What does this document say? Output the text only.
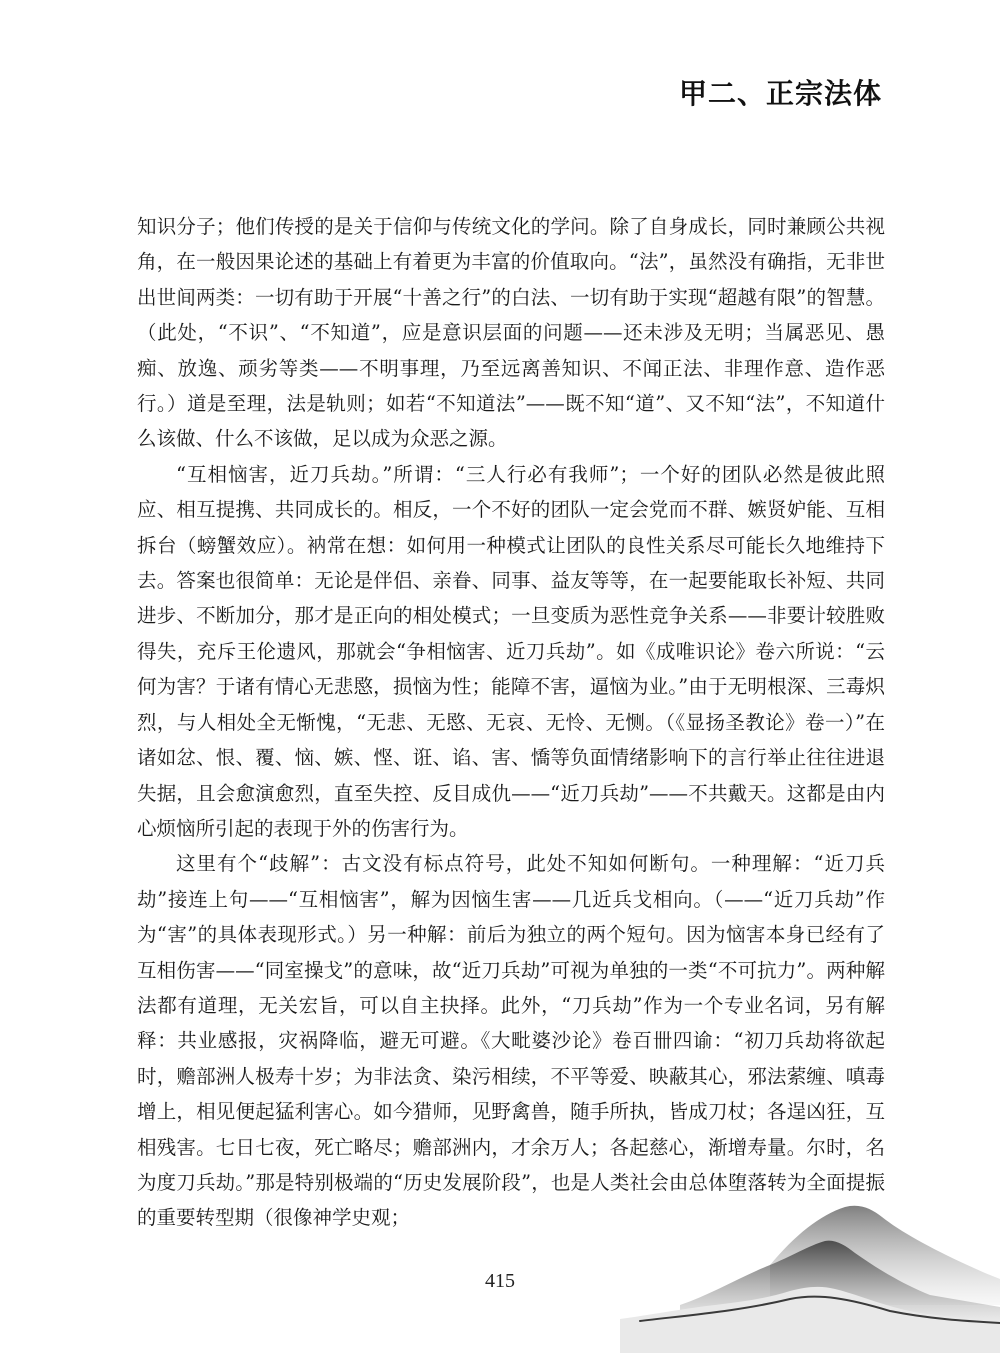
甲二、正宗法体

知识分子；他们传授的是关于信仰与传统文化的学问。除了自身成长，同时兼顾公共视角，在一般因果论述的基础上有着更为丰富的价值取向。“法”，虽然没有确指，无非世出世间两类：一切有助于开展“十善之行”的白法、一切有助于实现“超越有限”的智慧。（此处，“不识”、“不知道”，应是意识层面的问题——还未涉及无明；当属恶见、愚痴、放逸、顽劣等类——不明事理，乃至远离善知识、不闻正法、非理作意、造作恶行。）道是至理，法是轨则；如若“不知道法”——既不知“道”、又不知“法”，不知道什么该做、什么不该做，足以成为众恶之源。

“互相恼害，近刀兵劫。”所谓：“三人行必有我师”；一个好的团队必然是彼此照应、相互提携、共同成长的。相反，一个不好的团队一定会党而不群、嫉贤妒能、互相拆台（螃蟹效应）。衲常在想：如何用一种模式让团队的良性关系尽可能长久地维持下去。答案也很简单：无论是伴侣、亲眷、同事、益友等等，在一起要能取长补短、共同进步、不断加分，那才是正向的相处模式；一旦变质为恶性竞争关系——非要计较胜败得失，充斥王伦遗风，那就会“争相恼害、近刀兵劫”。如《成唯识论》卷六所说：“云何为害？于诸有情心无悲愍，损恼为性；能障不害，逼恼为业。”由于无明根深、三毒炽烈，与人相处全无惭愧，“无悲、无愍、无哀、无怜、无恻。（《显扬圣教论》卷一）”在诸如忿、恨、覆、恼、嫉、悭、诳、谄、害、憍等负面情绪影响下的言行举止往往进退失据，且会愈演愈烈，直至失控、反目成仇——“近刀兵劫”——不共戴天。这都是由内心烦恼所引起的表现于外的伤害行为。

这里有个“歧解”：古文没有标点符号，此处不知如何断句。一种理解：“近刀兵劫”接连上句——“互相恼害”，解为因恼生害——几近兵戈相向。（——“近刀兵劫”作为“害”的具体表现形式。）另一种解：前后为独立的两个短句。因为恼害本身已经有了互相伤害——“同室操戈”的意味，故“近刀兵劫”可视为单独的一类“不可抗力”。两种解法都有道理，无关宏旨，可以自主抉择。此外，“刀兵劫”作为一个专业名词，另有解释：共业感报，灾祸降临，避无可避。《大毗婆沙论》卷百卌四谕：“初刀兵劫将欲起时，赡部洲人极寿十岁；为非法贪、染污相续，不平等爱、映蔽其心，邪法萦缠、嗔毒增上，相见便起猛利害心。如今猎师，见野禽兽，随手所执，皆成刀杖；各逞凶狂，互相残害。七日七夜，死亡略尽；赡部洲内，才余万人；各起慈心，渐增寿量。尔时，名为度刀兵劫。”那是特别极端的“历史发展阶段”，也是人类社会由总体堕落转为全面提振的重要转型期（很像神学史观；

415
